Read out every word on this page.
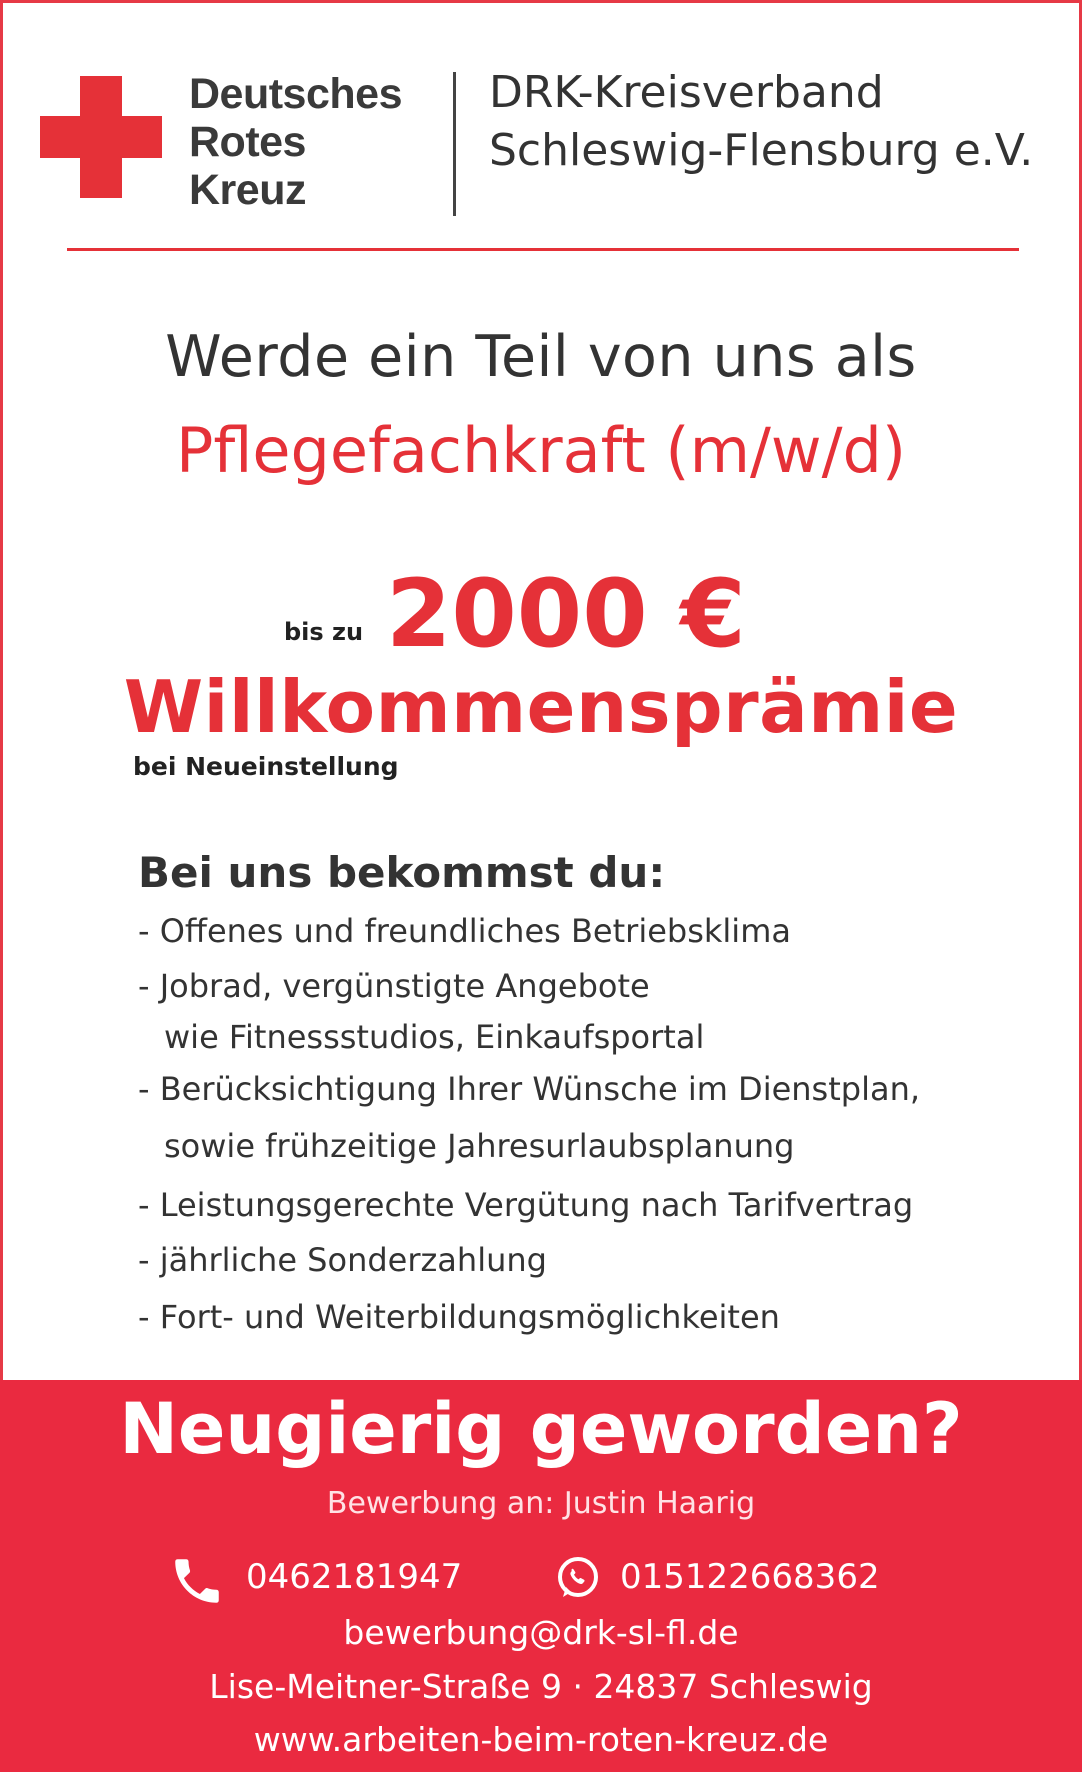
Deutsches
Rotes
Kreuz
DRK-Kreisverband
Schleswig-Flensburg e.V.
Werde ein Teil von uns als
Pflegefachkraft (m/w/d)
bis zu 2000 €
Willkommensprämie
bei Neueinstellung
Bei uns bekommst du:
- Offenes und freundliches Betriebsklima
- Jobrad, vergünstigte Angebote
wie Fitnessstudios, Einkaufsportal
- Berücksichtigung Ihrer Wünsche im Dienstplan,
sowie frühzeitige Jahresurlaubsplanung
- Leistungsgerechte Vergütung nach Tarifvertrag
- jährliche Sonderzahlung
- Fort- und Weiterbildungsmöglichkeiten
Neugierig geworden?
Bewerbung an: Justin Haarig
0462181947	015122668362
bewerbung@drk-sl-fl.de
Lise-Meitner-Straße 9 · 24837 Schleswig
www.arbeiten-beim-roten-kreuz.de
